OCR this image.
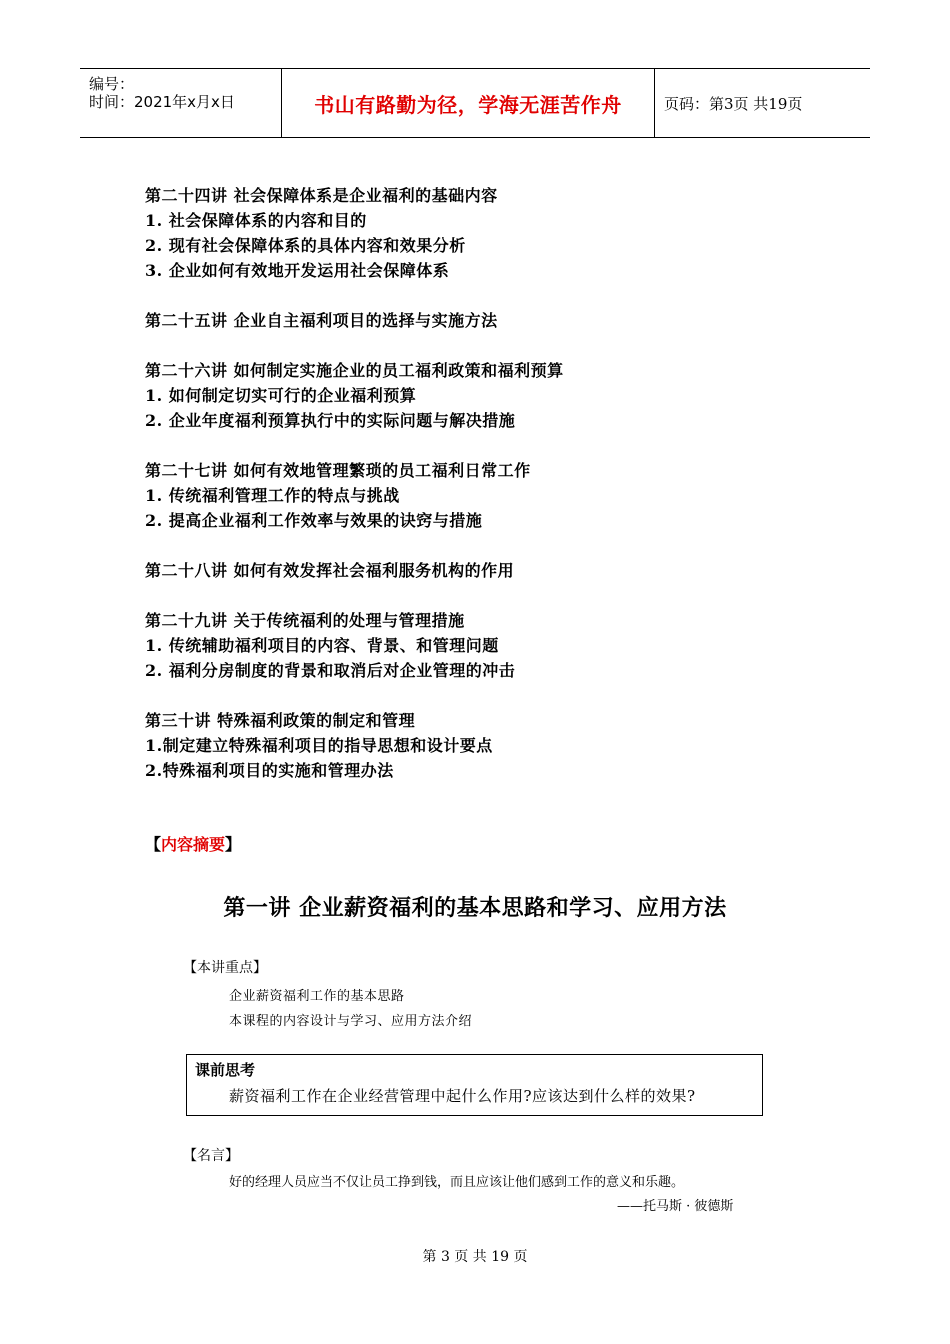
编号：
时间：2021年x月x日	书山有路勤为径，学海无涯苦作舟	页码：第3页 共19页
第二十四讲 社会保障体系是企业福利的基础内容
1. 社会保障体系的内容和目的
2. 现有社会保障体系的具体内容和效果分析
3. 企业如何有效地开发运用社会保障体系
第二十五讲 企业自主福利项目的选择与实施方法
第二十六讲 如何制定实施企业的员工福利政策和福利预算
1. 如何制定切实可行的企业福利预算
2. 企业年度福利预算执行中的实际问题与解决措施
第二十七讲 如何有效地管理繁琐的员工福利日常工作
1. 传统福利管理工作的特点与挑战
2. 提高企业福利工作效率与效果的诀窍与措施
第二十八讲 如何有效发挥社会福利服务机构的作用
第二十九讲 关于传统福利的处理与管理措施
1. 传统辅助福利项目的内容、背景、和管理问题
2. 福利分房制度的背景和取消后对企业管理的冲击
第三十讲 特殊福利政策的制定和管理
1.制定建立特殊福利项目的指导思想和设计要点
2.特殊福利项目的实施和管理办法
【内容摘要】
第一讲 企业薪资福利的基本思路和学习、应用方法
【本讲重点】
企业薪资福利工作的基本思路
本课程的内容设计与学习、应用方法介绍
课前思考
薪资福利工作在企业经营管理中起什么作用?应该达到什么样的效果?
【名言】
好的经理人员应当不仅让员工挣到钱，而且应该让他们感到工作的意义和乐趣。
——托马斯 · 彼德斯
第 3 页 共 19 页
